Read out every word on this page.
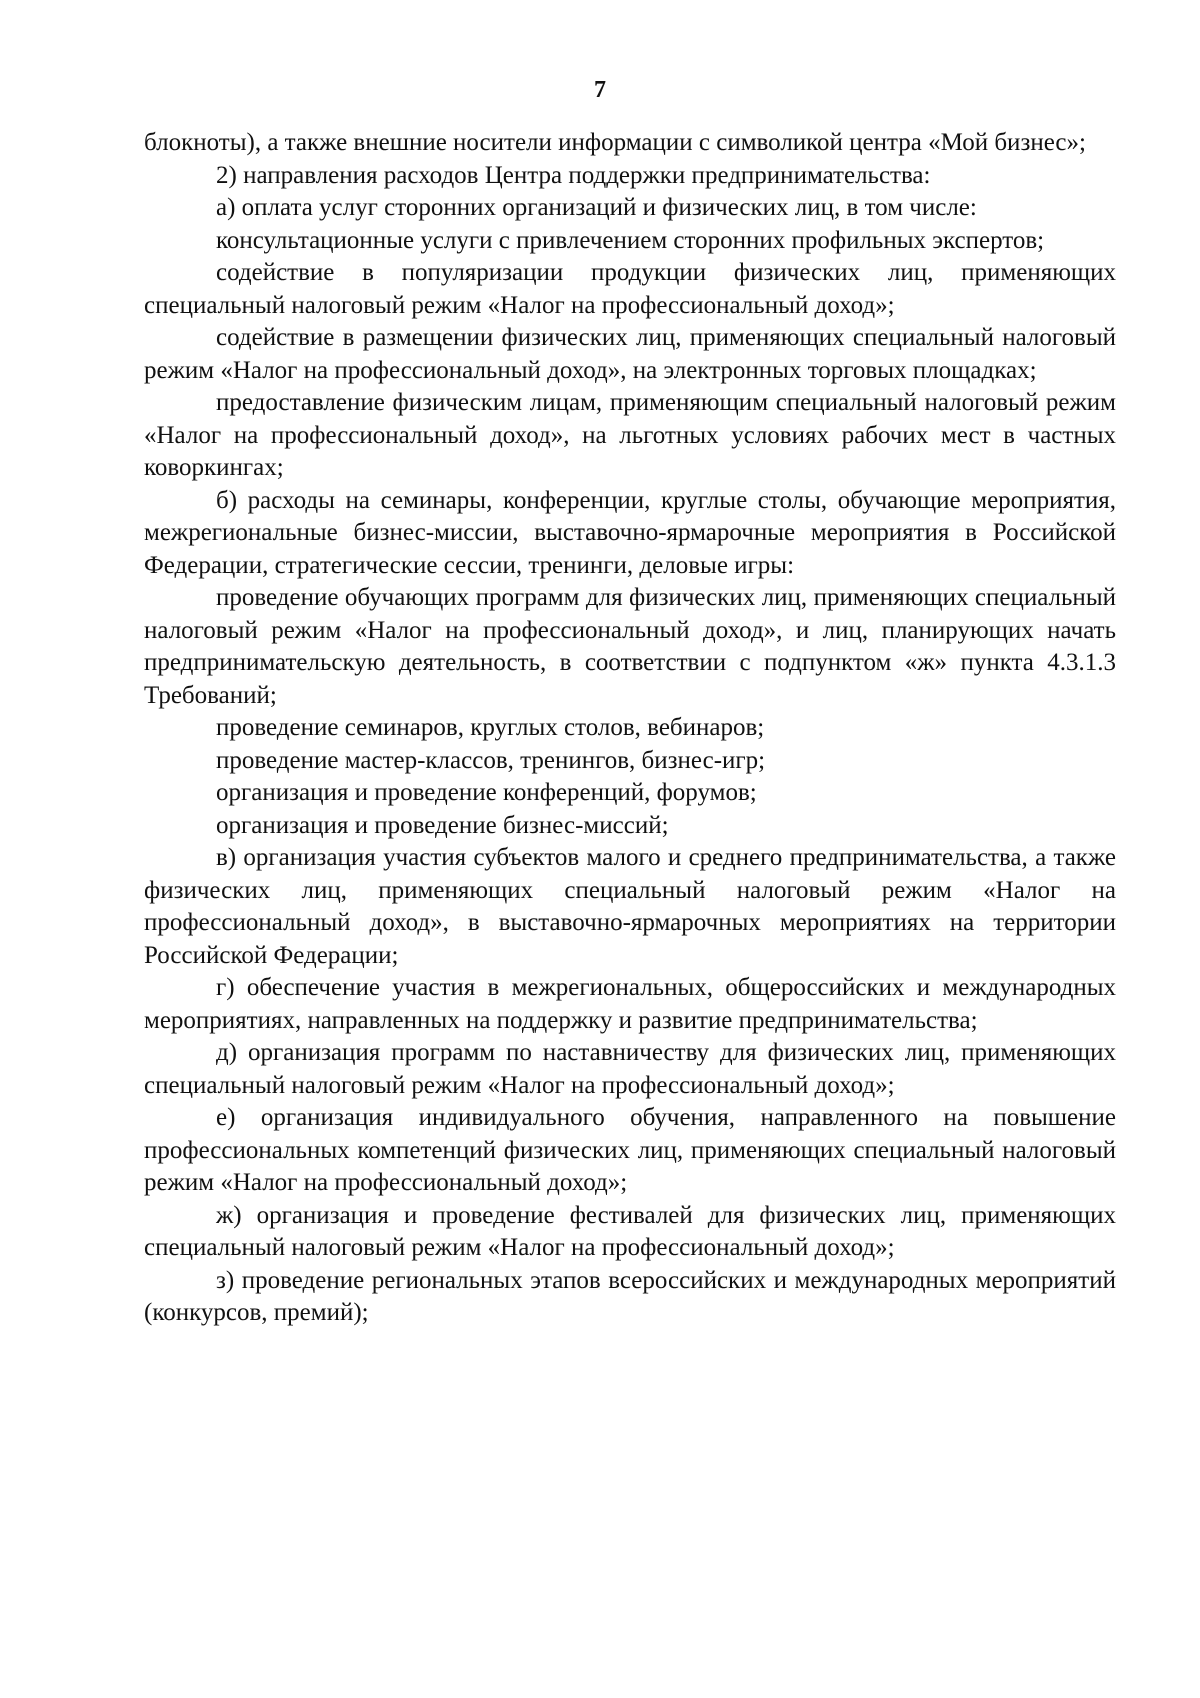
7

блокноты), а также внешние носители информации с символикой центра «Мой бизнес»;

2) направления расходов Центра поддержки предпринимательства:

а) оплата услуг сторонних организаций и физических лиц, в том числе:

консультационные услуги с привлечением сторонних профильных экспертов;

содействие в популяризации продукции физических лиц, применяющих специальный налоговый режим «Налог на профессиональный доход»;

содействие в размещении физических лиц, применяющих специальный налоговый режим «Налог на профессиональный доход», на электронных торговых площадках;

предоставление физическим лицам, применяющим специальный налоговый режим «Налог на профессиональный доход», на льготных условиях рабочих мест в частных коворкингах;

б) расходы на семинары, конференции, круглые столы, обучающие мероприятия, межрегиональные бизнес-миссии, выставочно-ярмарочные мероприятия в Российской Федерации, стратегические сессии, тренинги, деловые игры:

проведение обучающих программ для физических лиц, применяющих специальный налоговый режим «Налог на профессиональный доход», и лиц, планирующих начать предпринимательскую деятельность, в соответствии с подпунктом «ж» пункта 4.3.1.3 Требований;

проведение семинаров, круглых столов, вебинаров;

проведение мастер-классов, тренингов, бизнес-игр;

организация и проведение конференций, форумов;

организация и проведение бизнес-миссий;

в) организация участия субъектов малого и среднего предпринимательства, а также физических лиц, применяющих специальный налоговый режим «Налог на профессиональный доход», в выставочно-ярмарочных мероприятиях на территории Российской Федерации;

г) обеспечение участия в межрегиональных, общероссийских и международных мероприятиях, направленных на поддержку и развитие предпринимательства;

д) организация программ по наставничеству для физических лиц, применяющих специальный налоговый режим «Налог на профессиональный доход»;

е) организация индивидуального обучения, направленного на повышение профессиональных компетенций физических лиц, применяющих специальный налоговый режим «Налог на профессиональный доход»;

ж) организация и проведение фестивалей для физических лиц, применяющих специальный налоговый режим «Налог на профессиональный доход»;

з) проведение региональных этапов всероссийских и международных мероприятий (конкурсов, премий);
